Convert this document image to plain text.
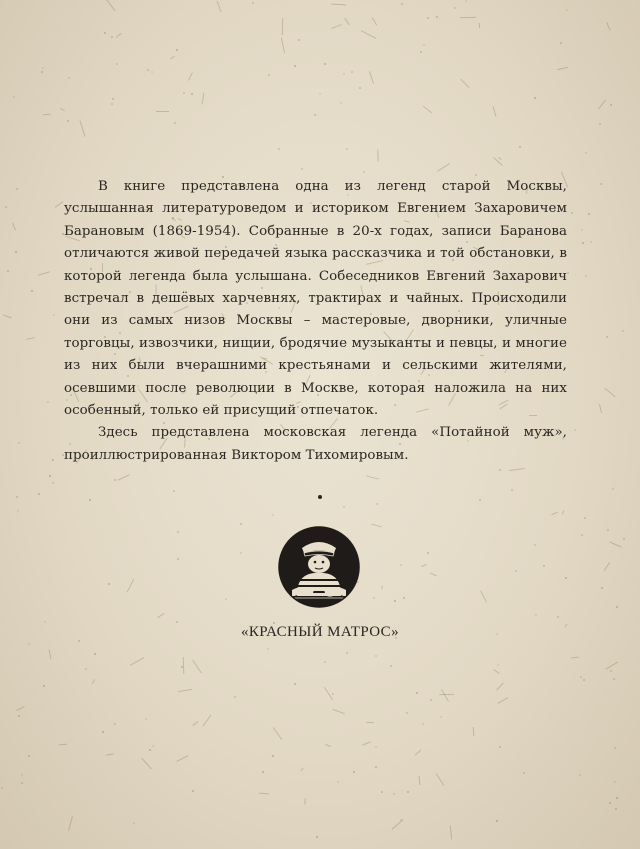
В книге представлена одна из легенд старой Москвы, услышанная литературоведом и историком Евгением Захаровичем Барановым (1869-1954). Собранные в 20-х годах, записи Баранова отличаются живой передачей языка рассказчика и той обстановки, в которой легенда была услышана. Собеседников Евгений Захарович встречал в дешёвых харчевнях, трактирах и чайных. Происходили они из самых низов Москвы – мастеровые, дворники, уличные торговцы, извозчики, нищии, бродячие музыканты и певцы, и многие из них были вчерашними крестьянами и сельскими жителями, осевшими после революции в Москве, которая наложила на них особенный, только ей присущий отпечаток.

Здесь представлена московская легенда «Потайной муж», проиллюстрированная Виктором Тихомировым.

«КРАСНЫЙ МАТРОС»
